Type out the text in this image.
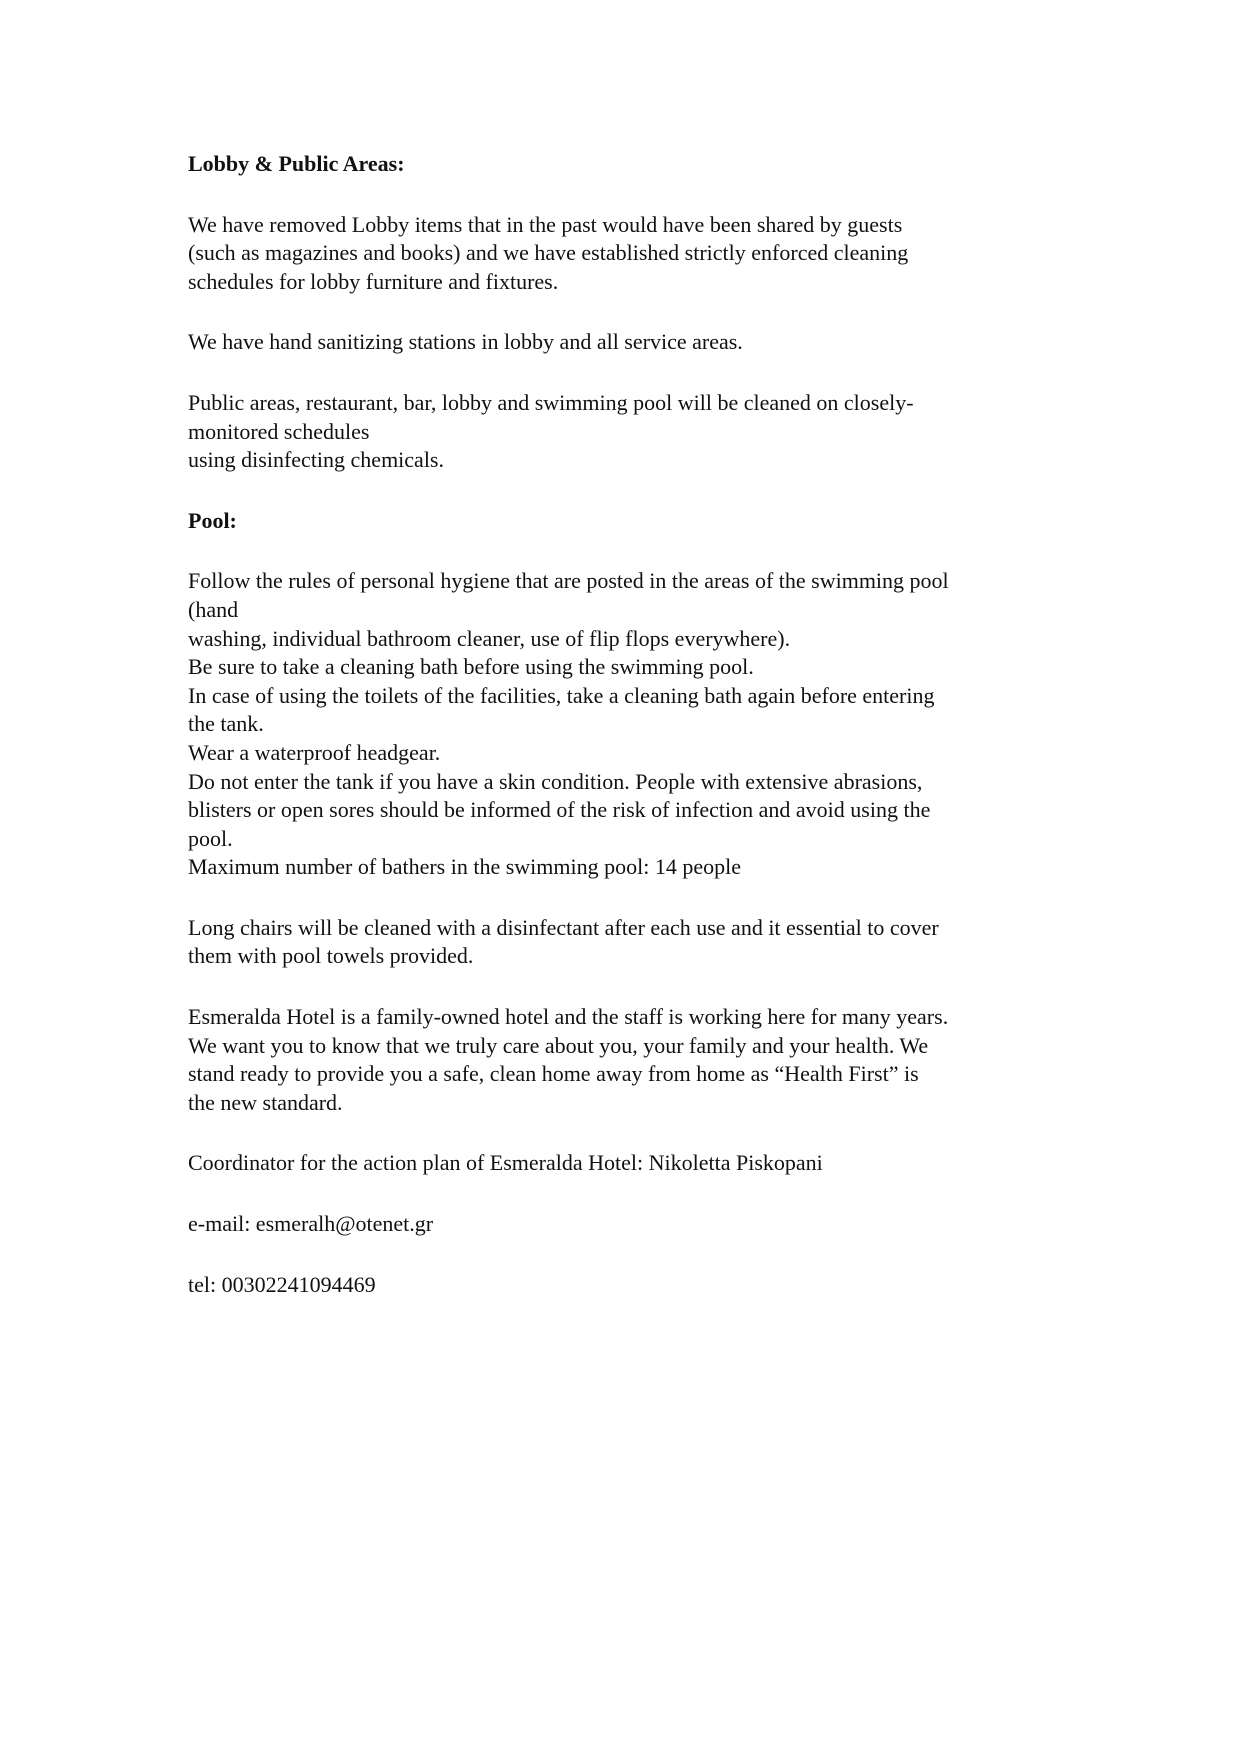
Lobby & Public Areas:
We have removed Lobby items that in the past would have been shared by guests
(such as magazines and books) and we have established strictly enforced cleaning
schedules for lobby furniture and fixtures.
We have hand sanitizing stations in lobby and all service areas.
Public areas, restaurant, bar, lobby and swimming pool will be cleaned on closely-
monitored schedules
using disinfecting chemicals.
Pool:
Follow the rules of personal hygiene that are posted in the areas of the swimming pool
(hand
washing, individual bathroom cleaner, use of flip flops everywhere).
Be sure to take a cleaning bath before using the swimming pool.
In case of using the toilets of the facilities, take a cleaning bath again before entering
the tank.
Wear a waterproof headgear.
Do not enter the tank if you have a skin condition. People with extensive abrasions,
blisters or open sores should be informed of the risk of infection and avoid using the
pool.
Maximum number of bathers in the swimming pool: 14 people
Long chairs will be cleaned with a disinfectant after each use and it essential to cover
them with pool towels provided.
Esmeralda Hotel is a family-owned hotel and the staff is working here for many years.
We want you to know that we truly care about you, your family and your health. We
stand ready to provide you a safe, clean home away from home as “Health First” is
the new standard.
Coordinator for the action plan of Esmeralda Hotel: Nikoletta Piskopani
e-mail: esmeralh@otenet.gr
tel: 00302241094469
